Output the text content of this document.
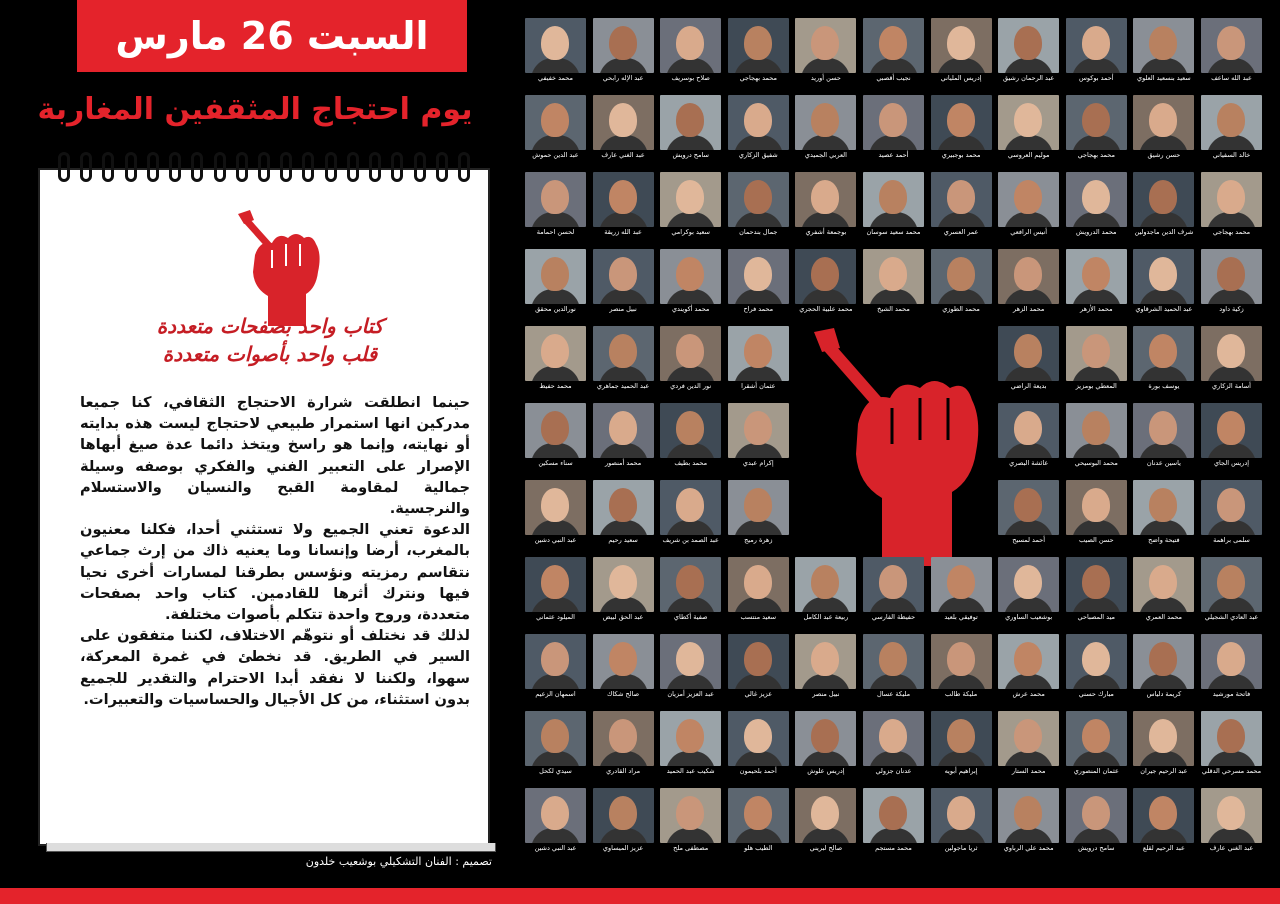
السبت 26 مارس
يوم احتجاج المثقفين المغاربة
كتاب واحد بصفحات متعددة
قلب واحد بأصوات متعددة

حينما انطلقت شرارة الاحتجاج الثقافي، كنا جميعا مدركين انها استمرار طبيعي لاحتجاج ليست هذه بدايته أو نهايته، وإنما هو راسخ ويتخذ دائما عدة صيغ أبهاها الإصرار على التعبير الفني والفكري بوصفه وسيلة جمالية لمقاومة القبح والنسيان والاستسلام والنرجسية.

الدعوة تعني الجميع ولا تستثني أحدا، فكلنا معنيون بالمغرب، أرضا وإنسانا وما يعنيه ذاك من إرث جماعي نتقاسم رمزيته ونؤسس بطرقنا لمسارات أخرى نحيا فيها ونترك أثرها للقادمين. كتاب واحد بصفحات متعددة، وروح واحدة تتكلم بأصوات مختلفة.

لذلك قد نختلف أو نتوهّم الاختلاف، لكننا متفقون على السير في الطريق. قد نخطئ في غمرة المعركة، سهوا، ولكننا لا نفقد أبدا الاحترام والتقدير للجميع بدون استثناء، من كل الأجيال والحساسيات والتعبيرات.

تصميم : الفنان التشكيلي بوشعيب خلدون
عبد الله ساعف
سعيد بنسعيد العلوي
أحمد بوكوس
عبد الرحمان رشيق
إدريس الملياني
نجيب أقصبي
حسن أوريد
محمد بهجاجي
صلاح بوسريف
عبد الإله رابحي
محمد خفيفي
خالد السفياني
حسن رشيق
محمد بهجاجي
موليم العروسي
محمد بوجبيري
أحمد عصيد
العربي الجميدي
شفيق الزكاري
سامح درويش
عبد الغني عارف
عبد الدين حموش
محمد بهجاجي
شرف الدين ماجدولين
محمد الدرويش
أنيس الرافعي
عمر العسري
محمد سعيد سوسان
بوجمعة أشفري
جمال بندحمان
سعيد بوكرامي
عبد الله زريقة
لحسن احمامة
زكية داود
عبد الحميد الشرقاوي
محمد الأزهر
محمد الزهر
محمد الطوزي
محمد الشيخ
محمد علبية الحجري
محمد فراح
محمد أكويندي
نبيل منصر
نورالدين محقق
أسامة الزكاري
يوسف بورة
المعطي بومزيز
بديعة الراضي
عثمان أشقرا
نور الدين فردي
عبد الحميد جماهري
محمد حفيظ
إدريس الجاي
ياسين عدنان
محمد البوسيحي
عائشة البصري
إكرام عبدي
محمد بطيف
محمد أمنصور
سناء مسكين
سلمى براهمة
فتيحة واضح
حسن الصيب
أحمد لمسيح
زهرة رميج
عبد الصمد بن شريف
سعيد رحيم
عبد النبي دشين
عبد العادي الشجيلي
محمد العمري
ميد المصباحي
بوشعيب الساوري
توفيقي بلعيد
حفيظة الفارسي
ربيعة عبد الكامل
سعيد منتسب
صفية أكطاي
عبد الحق لبيض
الميلود عثماني
فاتحة مورشيد
كريمة دلياس
مبارك حسني
محمد عرش
مليكة طالب
مليكة عسال
نبيل منصر
عزيز غالي
عبد العزيز أمزيان
صالح شكاك
اسمهان الزعيم
محمد مسرحي الدقلي
عبد الرحيم جيران
عثمان المنصوري
محمد الستار
إبراهيم أبويه
عدنان جزولي
إدريس علوش
أحمد بلحيمون
شكيب عبد الحميد
مراد القادري
سيدي لكحل
عبد الغني عارف
عبد الرحيم لقلع
سامح درويش
محمد علي الرباوي
ثريا ماجولين
محمد مستجم
صالح لبريني
الطيب هلو
مصطفى ملح
عزيز الميساوي
عبد النبي دشين
